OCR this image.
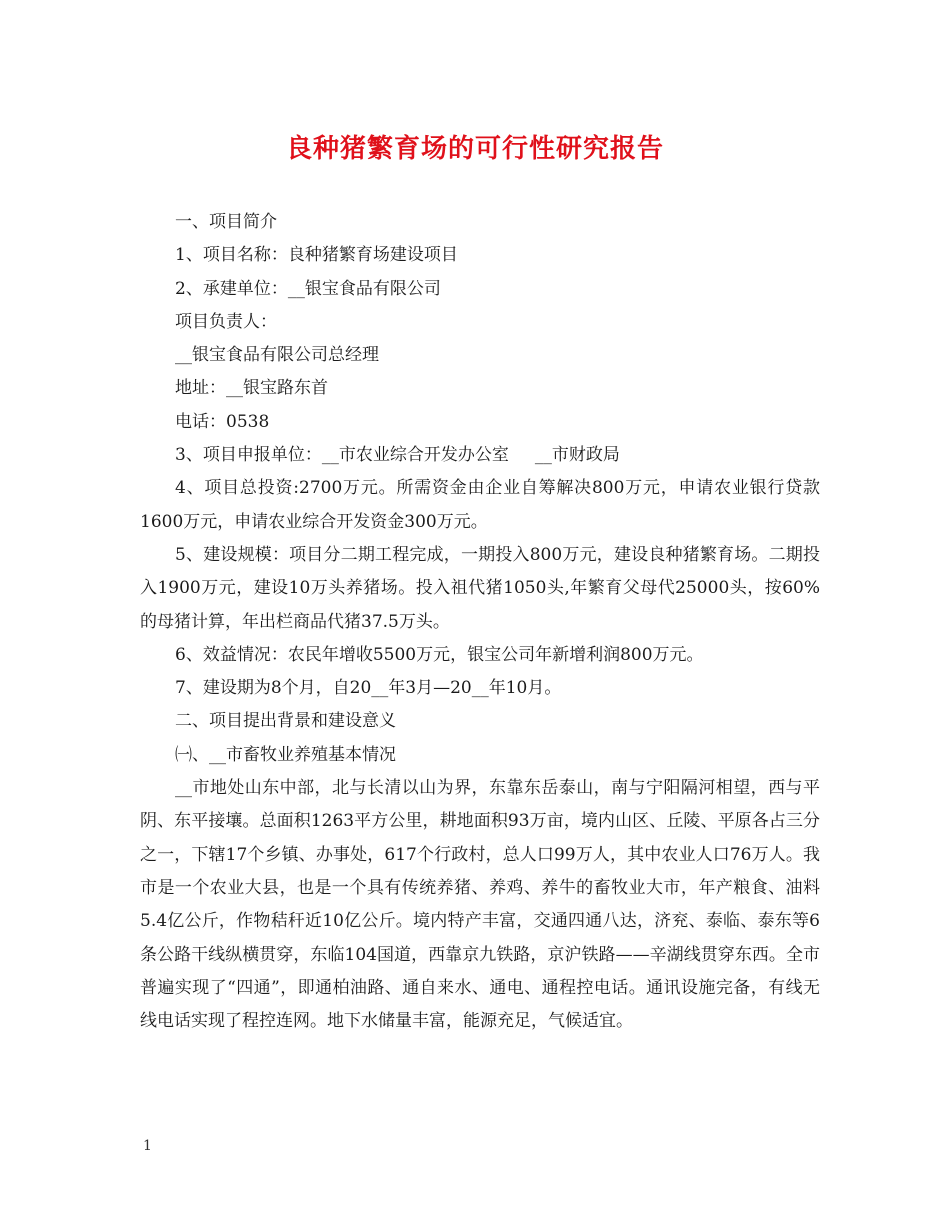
良种猪繁育场的可行性研究报告

一、项目简介

1、项目名称：良种猪繁育场建设项目

2、承建单位：__银宝食品有限公司

项目负责人：

__银宝食品有限公司总经理

地址：__银宝路东首

电话：0538

3、项目申报单位：__市农业综合开发办公室 __市财政局

4、项目总投资:2700万元。所需资金由企业自筹解决800万元，申请农业银行贷款1600万元，申请农业综合开发资金300万元。

5、建设规模：项目分二期工程完成，一期投入800万元，建设良种猪繁育场。二期投入1900万元，建设10万头养猪场。投入祖代猪1050头,年繁育父母代25000头，按60%的母猪计算，年出栏商品代猪37.5万头。

6、效益情况：农民年增收5500万元，银宝公司年新增利润800万元。

7、建设期为8个月，自20__年3月—20__年10月。

二、项目提出背景和建设意义

㈠、__市畜牧业养殖基本情况

__市地处山东中部，北与长清以山为界，东靠东岳泰山，南与宁阳隔河相望，西与平阴、东平接壤。总面积1263平方公里，耕地面积93万亩，境内山区、丘陵、平原各占三分之一，下辖17个乡镇、办事处，617个行政村，总人口99万人，其中农业人口76万人。我市是一个农业大县，也是一个具有传统养猪、养鸡、养牛的畜牧业大市，年产粮食、油料5.4亿公斤，作物秸秆近10亿公斤。境内特产丰富，交通四通八达，济兖、泰临、泰东等6条公路干线纵横贯穿，东临104国道，西靠京九铁路，京沪铁路——辛湖线贯穿东西。全市普遍实现了“四通”，即通柏油路、通自来水、通电、通程控电话。通讯设施完备，有线无线电话实现了程控连网。地下水储量丰富，能源充足，气候适宜。

1
